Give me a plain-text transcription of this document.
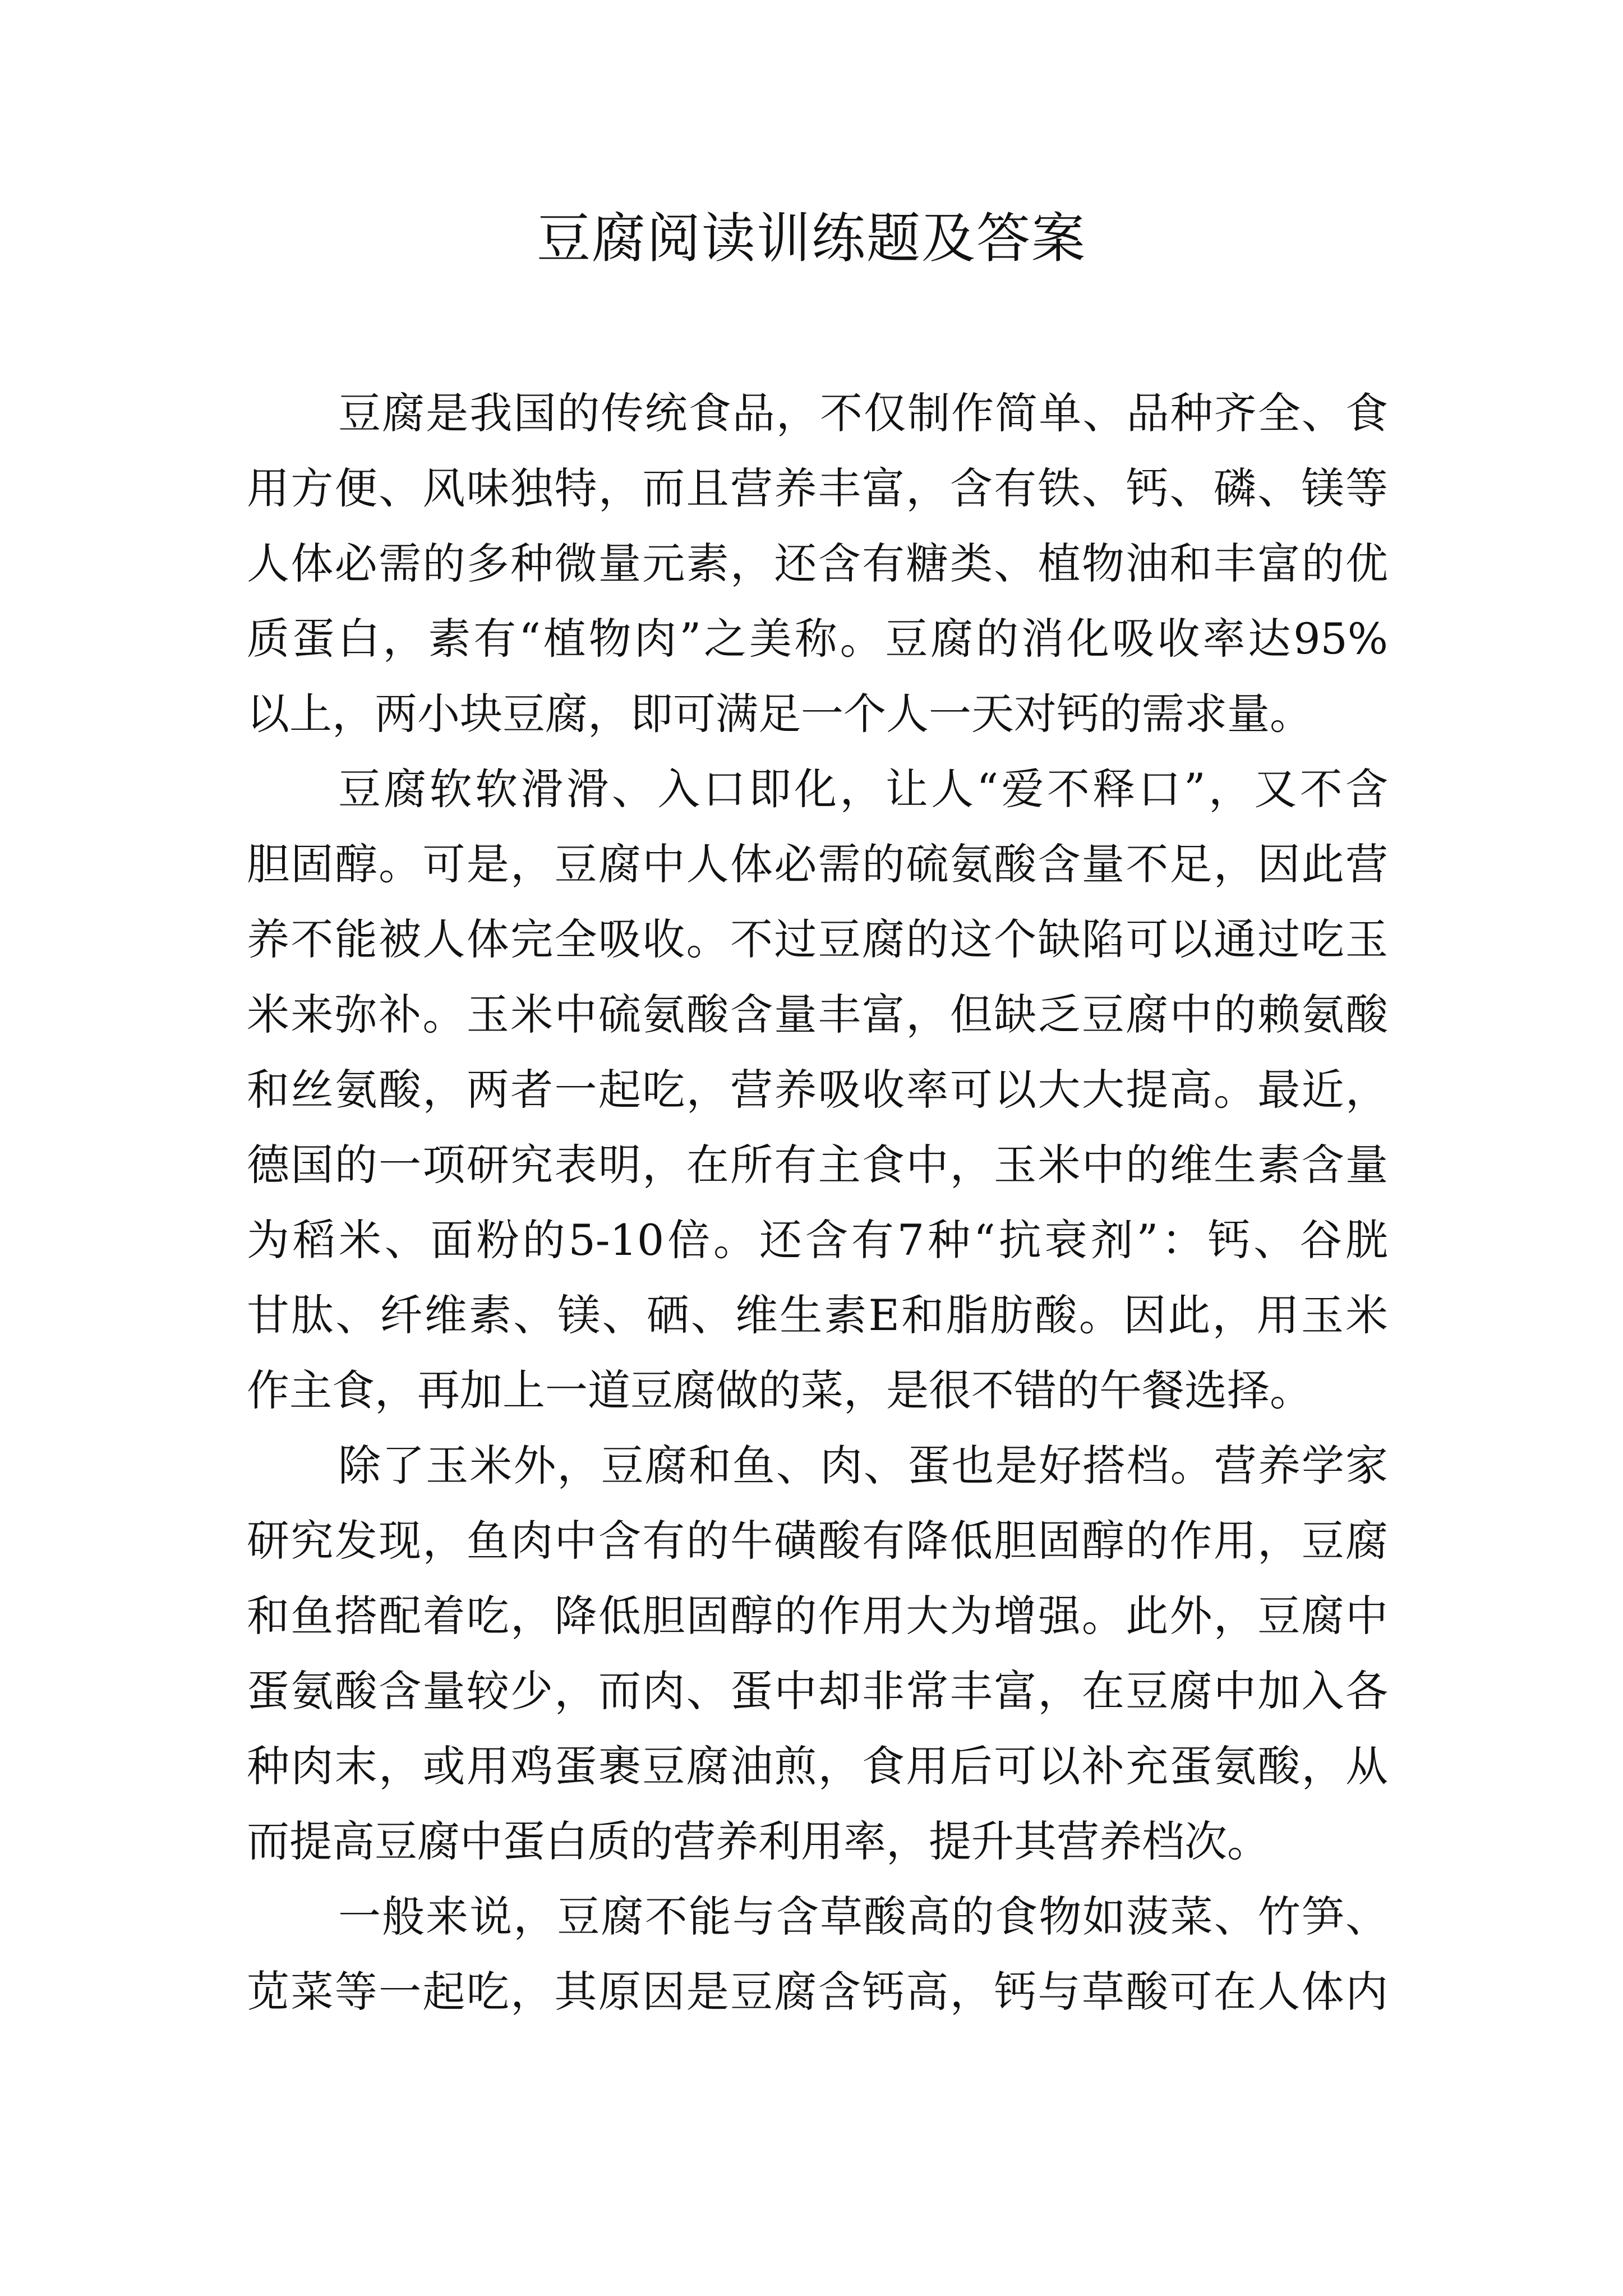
豆腐阅读训练题及答案
豆腐是我国的传统食品，不仅制作简单、品种齐全、食
用方便、风味独特，而且营养丰富，含有铁、钙、磷、镁等
人体必需的多种微量元素，还含有糖类、植物油和丰富的优
质蛋白，素有“植物肉”之美称。豆腐的消化吸收率达95%
以上，两小块豆腐，即可满足一个人一天对钙的需求量。
豆腐软软滑滑、入口即化，让人“爱不释口”，又不含
胆固醇。可是，豆腐中人体必需的硫氨酸含量不足，因此营
养不能被人体完全吸收。不过豆腐的这个缺陷可以通过吃玉
米来弥补。玉米中硫氨酸含量丰富，但缺乏豆腐中的赖氨酸
和丝氨酸，两者一起吃，营养吸收率可以大大提高。最近，
德国的一项研究表明，在所有主食中，玉米中的维生素含量
为稻米、面粉的5-10倍。还含有7种“抗衰剂”：钙、谷胱
甘肽、纤维素、镁、硒、维生素E和脂肪酸。因此，用玉米
作主食，再加上一道豆腐做的菜，是很不错的午餐选择。
除了玉米外，豆腐和鱼、肉、蛋也是好搭档。营养学家
研究发现，鱼肉中含有的牛磺酸有降低胆固醇的作用，豆腐
和鱼搭配着吃，降低胆固醇的作用大为增强。此外，豆腐中
蛋氨酸含量较少，而肉、蛋中却非常丰富，在豆腐中加入各
种肉末，或用鸡蛋裹豆腐油煎，食用后可以补充蛋氨酸，从
而提高豆腐中蛋白质的营养利用率，提升其营养档次。
一般来说，豆腐不能与含草酸高的食物如菠菜、竹笋、
苋菜等一起吃，其原因是豆腐含钙高，钙与草酸可在人体内
